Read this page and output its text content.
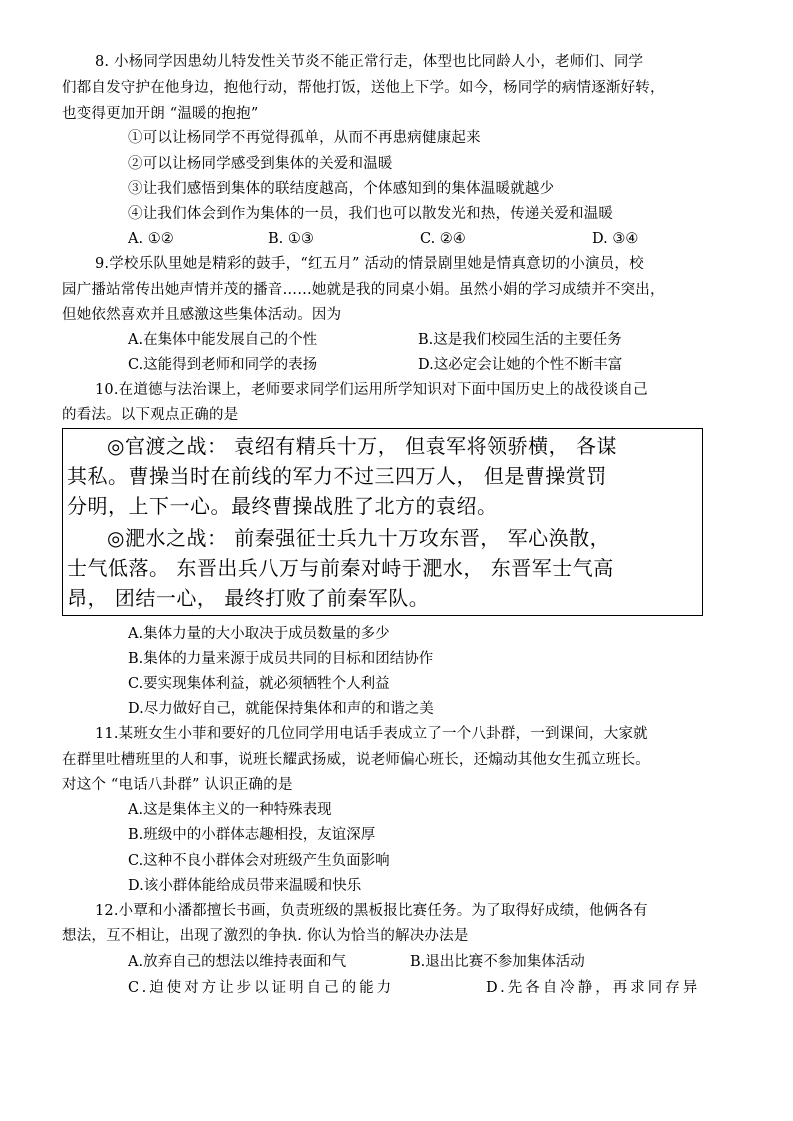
8. 小杨同学因患幼儿特发性关节炎不能正常行走，体型也比同龄人小，老师们、同学
们都自发守护在他身边，抱他行动，帮他打饭，送他上下学。如今，杨同学的病情逐渐好转，
也变得更加开朗 “温暖的抱抱”
①可以让杨同学不再觉得孤单，从而不再患病健康起来
②可以让杨同学感受到集体的关爱和温暖
③让我们感悟到集体的联结度越高，个体感知到的集体温暖就越少
④让我们体会到作为集体的一员，我们也可以散发光和热，传递关爱和温暖
A. ①②	B. ①③	C. ②④	D. ③④
9.学校乐队里她是精彩的鼓手，“红五月” 活动的情景剧里她是情真意切的小演员，校
园广播站常传出她声情并茂的播音……她就是我的同桌小娟。虽然小娟的学习成绩并不突出，
但她依然喜欢并且感激这些集体活动。因为
A.在集体中能发展自己的个性	B.这是我们校园生活的主要任务
C.这能得到老师和同学的表扬	D.这必定会让她的个性不断丰富
10.在道德与法治课上，老师要求同学们运用所学知识对下面中国历史上的战役谈自己
的看法。以下观点正确的是
◎官渡之战： 袁绍有精兵十万， 但袁军将领骄横， 各谋
其私。曹操当时在前线的军力不过三四万人， 但是曹操赏罚
分明，上下一心。最终曹操战胜了北方的袁绍。
◎淝水之战： 前秦强征士兵九十万攻东晋， 军心涣散，
士气低落。 东晋出兵八万与前秦对峙于淝水， 东晋军士气高
昂， 团结一心， 最终打败了前秦军队。
A.集体力量的大小取决于成员数量的多少
B.集体的力量来源于成员共同的目标和团结协作
C.要实现集体利益，就必须牺牲个人利益
D.尽力做好自己，就能保持集体和声的和谐之美
11.某班女生小菲和要好的几位同学用电话手表成立了一个八卦群，一到课间，大家就
在群里吐槽班里的人和事，说班长耀武扬威，说老师偏心班长，还煽动其他女生孤立班长。
对这个 “电话八卦群” 认识正确的是
A.这是集体主义的一种特殊表现
B.班级中的小群体志趣相投，友谊深厚
C.这种不良小群体会对班级产生负面影响
D.该小群体能给成员带来温暖和快乐
12.小覃和小潘都擅长书画，负责班级的黑板报比赛任务。为了取得好成绩，他俩各有
想法，互不相让，出现了激烈的争执. 你认为恰当的解决办法是
A.放弃自己的想法以维持表面和气	B.退出比赛不参加集体活动
C.迫使对方让步以证明自己的能力	D.先各自冷静，再求同存异
